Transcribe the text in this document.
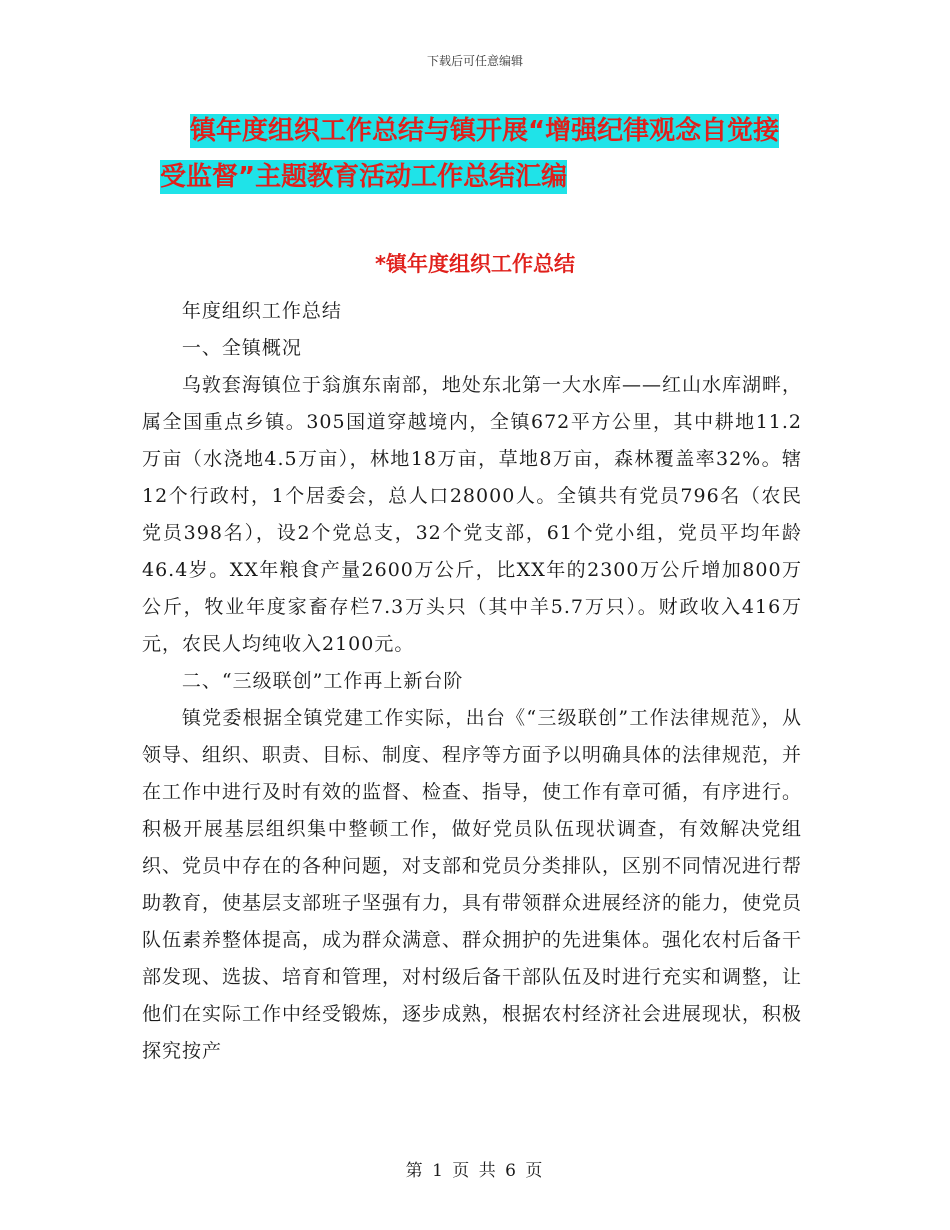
下载后可任意编辑
镇年度组织工作总结与镇开展“增强纪律观念自觉接
受监督”主题教育活动工作总结汇编
*镇年度组织工作总结

年度组织工作总结

一、全镇概况

乌敦套海镇位于翁旗东南部，地处东北第一大水库——红山水库湖畔，属全国重点乡镇。305国道穿越境内，全镇672平方公里，其中耕地11.2万亩（水浇地4.5万亩），林地18万亩，草地8万亩，森林覆盖率32%。辖12个行政村，1个居委会，总人口28000人。全镇共有党员796名（农民党员398名），设2个党总支，32个党支部，61个党小组，党员平均年龄46.4岁。XX年粮食产量2600万公斤，比XX年的2300万公斤增加800万公斤，牧业年度家畜存栏7.3万头只（其中羊5.7万只）。财政收入416万元，农民人均纯收入2100元。

二、“三级联创”工作再上新台阶

镇党委根据全镇党建工作实际，出台《“三级联创”工作法律规范》，从领导、组织、职责、目标、制度、程序等方面予以明确具体的法律规范，并在工作中进行及时有效的监督、检查、指导，使工作有章可循，有序进行。积极开展基层组织集中整顿工作，做好党员队伍现状调查，有效解决党组织、党员中存在的各种问题，对支部和党员分类排队，区别不同情况进行帮助教育，使基层支部班子坚强有力，具有带领群众进展经济的能力，使党员队伍素养整体提高，成为群众满意、群众拥护的先进集体。强化农村后备干部发现、选拔、培育和管理，对村级后备干部队伍及时进行充实和调整，让他们在实际工作中经受锻炼，逐步成熟，根据农村经济社会进展现状，积极探究按产

第 1 页 共 6 页
